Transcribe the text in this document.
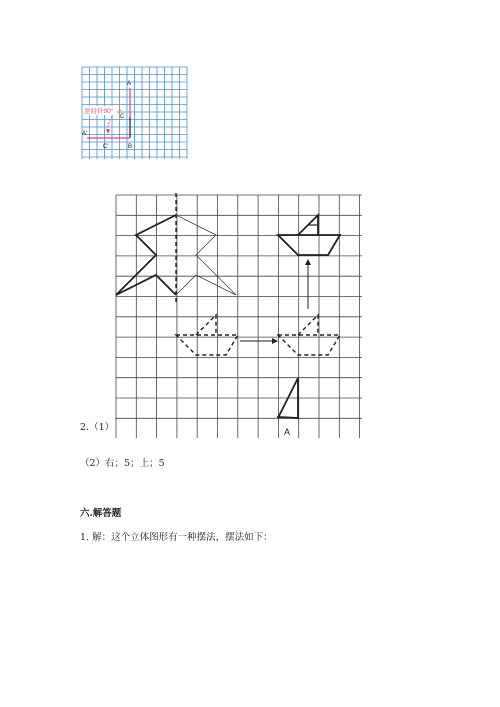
逆时针90°
A
C
A'
C'	B
A
2.（1）
（2）右；5；上；5
六.解答题
1. 解：这个立体图形有一种摆法，摆法如下：
